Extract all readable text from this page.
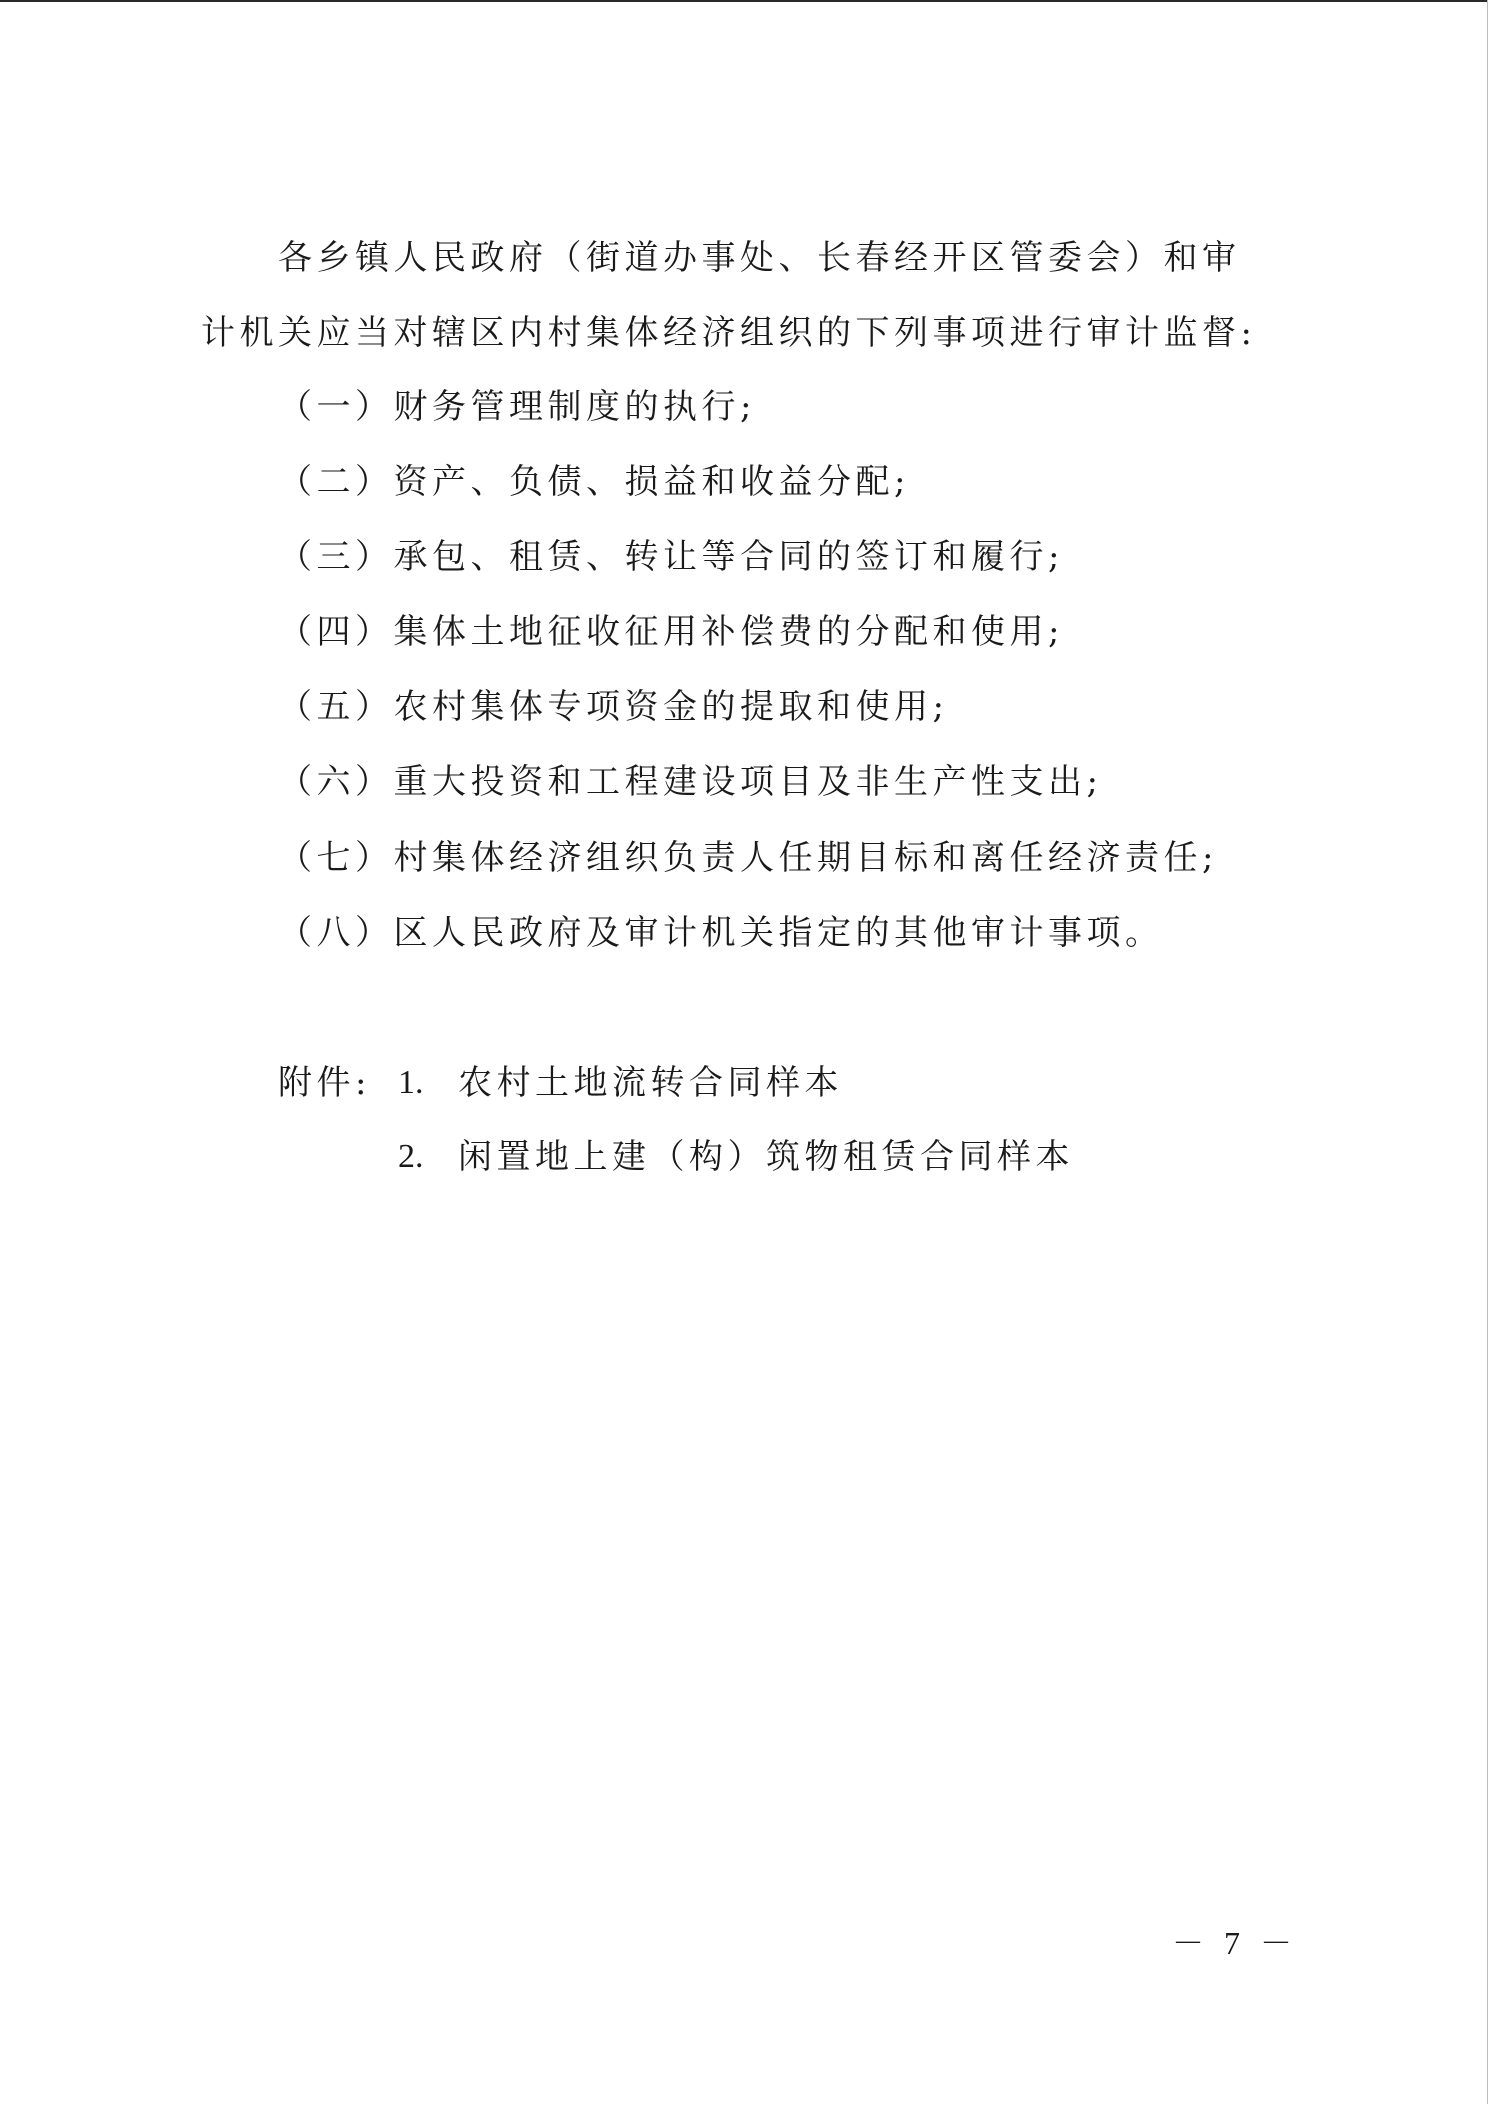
各乡镇人民政府（街道办事处、长春经开区管委会）和审
计机关应当对辖区内村集体经济组织的下列事项进行审计监督:
（一）财务管理制度的执行;
（二）资产、负债、损益和收益分配;
（三）承包、租赁、转让等合同的签订和履行;
（四）集体土地征收征用补偿费的分配和使用;
（五）农村集体专项资金的提取和使用;
（六）重大投资和工程建设项目及非生产性支出;
（七）村集体经济组织负责人任期目标和离任经济责任;
（八）区人民政府及审计机关指定的其他审计事项。
附件: 1. 农村土地流转合同样本
2. 闲置地上建（构）筑物租赁合同样本
－ 7 －
